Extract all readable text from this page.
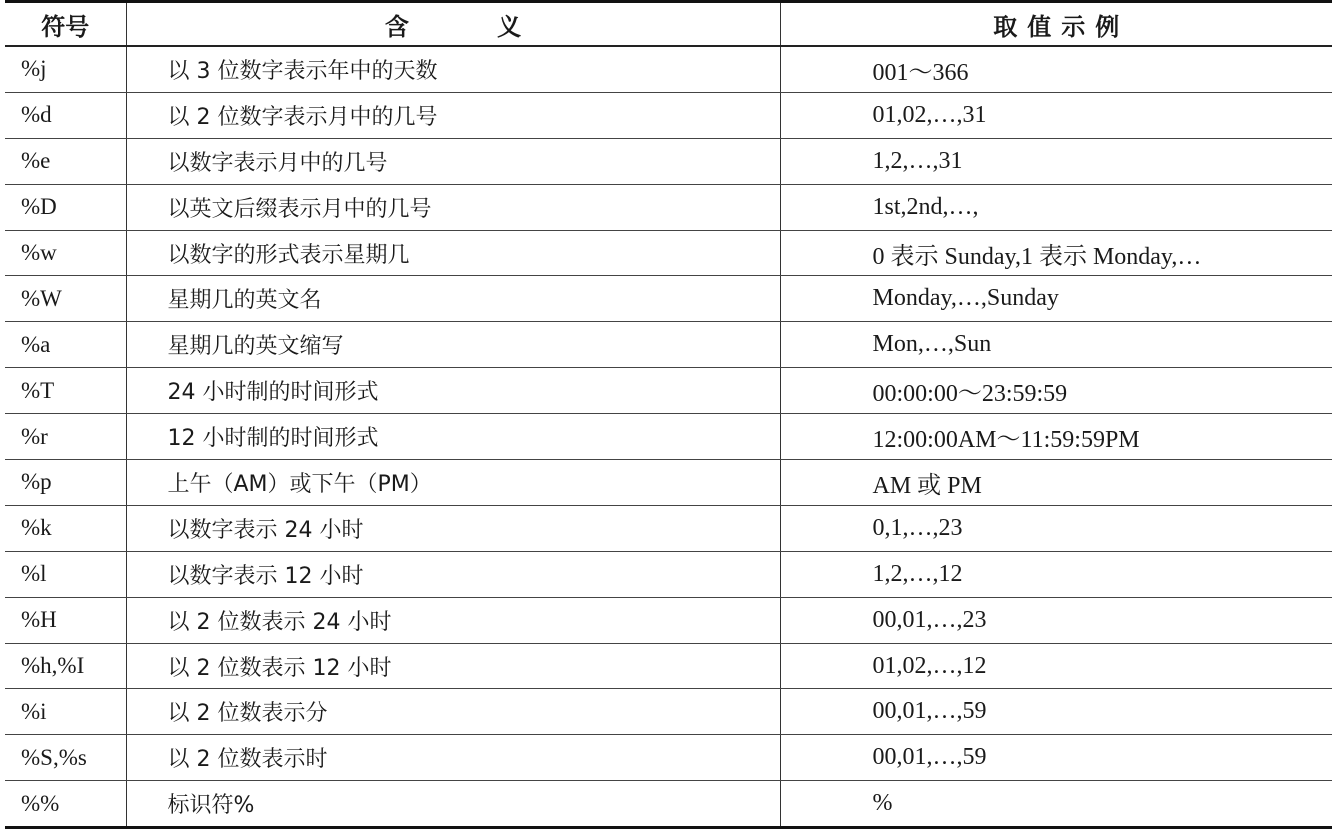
符号	含 义	取值示例
%j	以 3 位数字表示年中的天数	001～366
%d	以 2 位数字表示月中的几号	01,02,…,31
%e	以数字表示月中的几号	1,2,…,31
%D	以英文后缀表示月中的几号	1st,2nd,…,
%w	以数字的形式表示星期几	0 表示 Sunday,1 表示 Monday,…
%W	星期几的英文名	Monday,…,Sunday
%a	星期几的英文缩写	Mon,…,Sun
%T	24 小时制的时间形式	00:00:00～23:59:59
%r	12 小时制的时间形式	12:00:00AM～11:59:59PM
%p	上午（AM）或下午（PM）	AM 或 PM
%k	以数字表示 24 小时	0,1,…,23
%l	以数字表示 12 小时	1,2,…,12
%H	以 2 位数表示 24 小时	00,01,…,23
%h,%I	以 2 位数表示 12 小时	01,02,…,12
%i	以 2 位数表示分	00,01,…,59
%S,%s	以 2 位数表示时	00,01,…,59
%%	标识符%	%
